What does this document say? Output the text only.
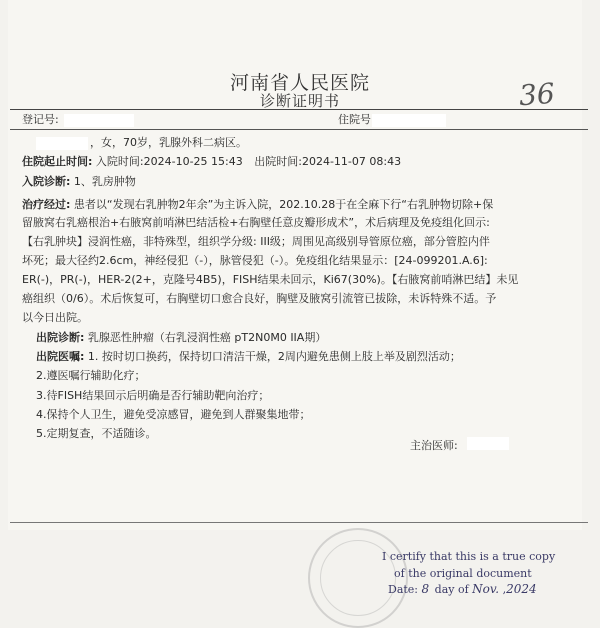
河南省人民医院
诊断证明书	36
登记号:	住院号
，女，70岁，乳腺外科二病区。
住院起止时间: 入院时间:2024-10-25 15:43 出院时间:2024-11-07 08:43
入院诊断: 1、乳房肿物
治疗经过: 患者以“发现右乳肿物2年余”为主诉入院，202.10.28于在全麻下行“右乳肿物切除+保
留腋窝右乳癌根治+右腋窝前哨淋巴结活检+右胸壁任意皮瓣形成术”，术后病理及免疫组化回示:
【右乳肿块】浸润性癌，非特殊型，组织学分级: III级；周围见高级别导管原位癌，部分管腔内伴
坏死；最大径约2.6cm，神经侵犯（-），脉管侵犯（-）。免疫组化结果显示：[24-099201.A.6]:
ER(-)，PR(-)，HER-2(2+，克隆号4B5)，FISH结果未回示，Ki67(30%)。【右腋窝前哨淋巴结】未见
癌组织（0/6）。术后恢复可，右胸壁切口愈合良好，胸壁及腋窝引流管已拔除，未诉特殊不适。予
以今日出院。
出院诊断: 乳腺恶性肿瘤（右乳浸润性癌 pT2N0M0 IIA期）
出院医嘱: 1. 按时切口换药，保持切口清洁干燥，2周内避免患侧上肢上举及剧烈活动；
2.遵医嘱行辅助化疗；
3.待FISH结果回示后明确是否行辅助靶向治疗；
4.保持个人卫生，避免受凉感冒，避免到人群聚集地带；
5.定期复查，不适随诊。
主治医师:
I certify that this is a true copy
of the original document
Date: 8 day of Nov. ,2024
